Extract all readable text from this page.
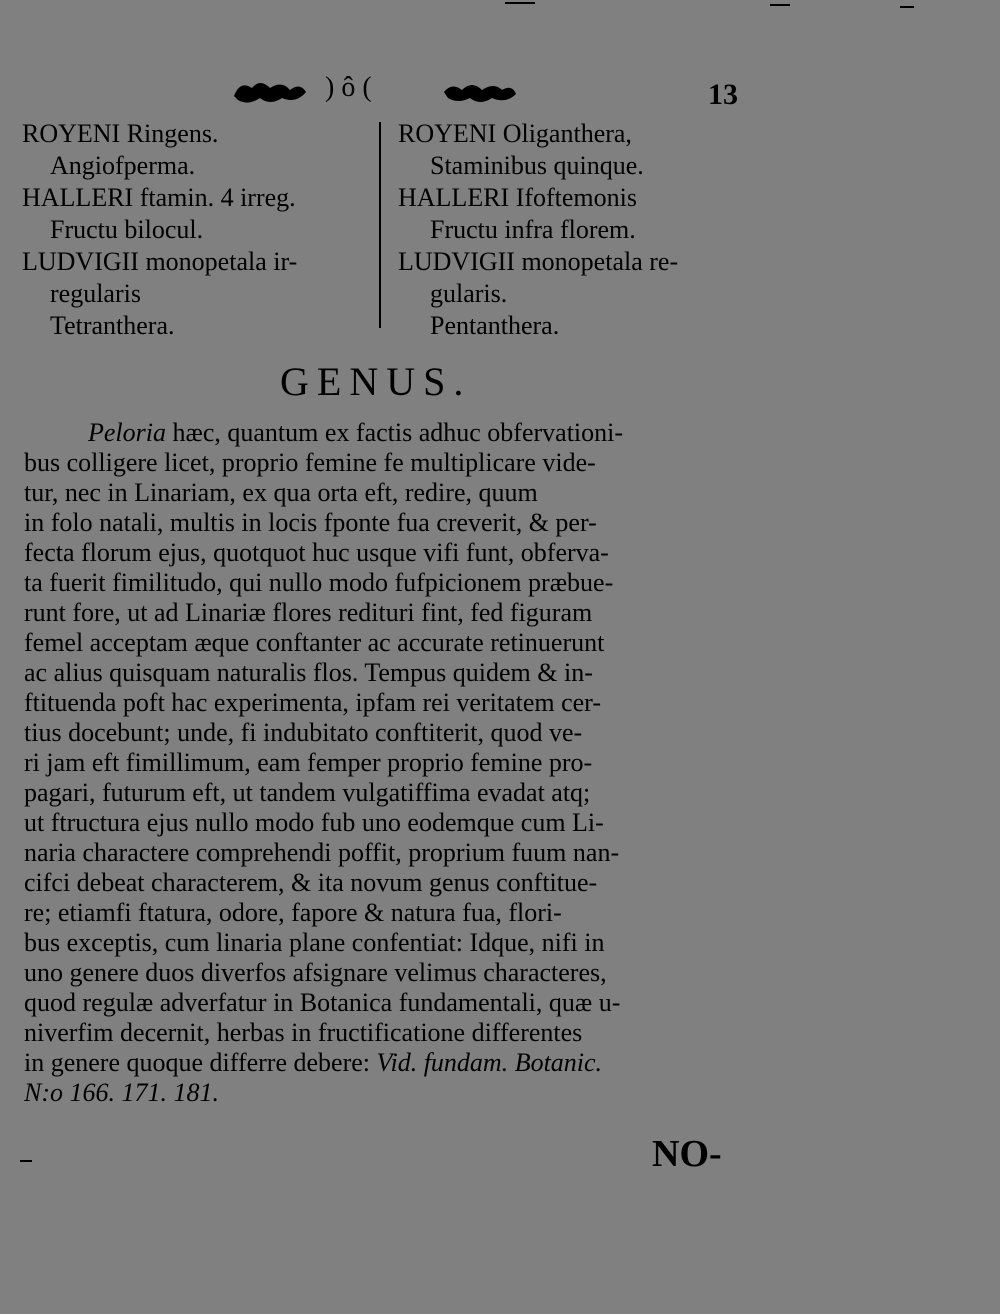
) ô (	13
ROYENI Ringens.
Angiofperma.
HALLERI ftamin. 4 irreg.
Fructu bilocul.
LUDVIGII monopetala ir-
regularis
Tetranthera.
ROYENI Oliganthera,
Staminibus quinque.
HALLERI Ifoftemonis
Fructu infra florem.
LUDVIGII monopetala re-
gularis.
Pentanthera.
GENUS.
Peloria hæc, quantum ex factis adhuc obfervationi-
bus colligere licet, proprio femine fe multiplicare vide-
tur, nec in Linariam, ex qua orta eft, redire, quum
in folo natali, multis in locis fponte fua creverit, & per-
fecta florum ejus, quotquot huc usque vifi funt, obferva-
ta fuerit fimilitudo, qui nullo modo fufpicionem præbue-
runt fore, ut ad Linariæ flores redituri fint, fed figuram
femel acceptam æque conftanter ac accurate retinuerunt
ac alius quisquam naturalis flos. Tempus quidem & in-
ftituenda poft hac experimenta, ipfam rei veritatem cer-
tius docebunt; unde, fi indubitato conftiterit, quod ve-
ri jam eft fimillimum, eam femper proprio femine pro-
pagari, futurum eft, ut tandem vulgatiffima evadat atq;
ut ftructura ejus nullo modo fub uno eodemque cum Li-
naria charactere comprehendi poffit, proprium fuum nan-
cifci debeat characterem, & ita novum genus conftitue-
re; etiamfi ftatura, odore, fapore & natura fua, flori-
bus exceptis, cum linaria plane confentiat: Idque, nifi in
uno genere duos diverfos afsignare velimus characteres,
quod regulæ adverfatur in Botanica fundamentali, quæ u-
niverfim decernit, herbas in fructificatione differentes
in genere quoque differre debere: Vid. fundam. Botanic.
N:o 166. 171. 181.
NO-
